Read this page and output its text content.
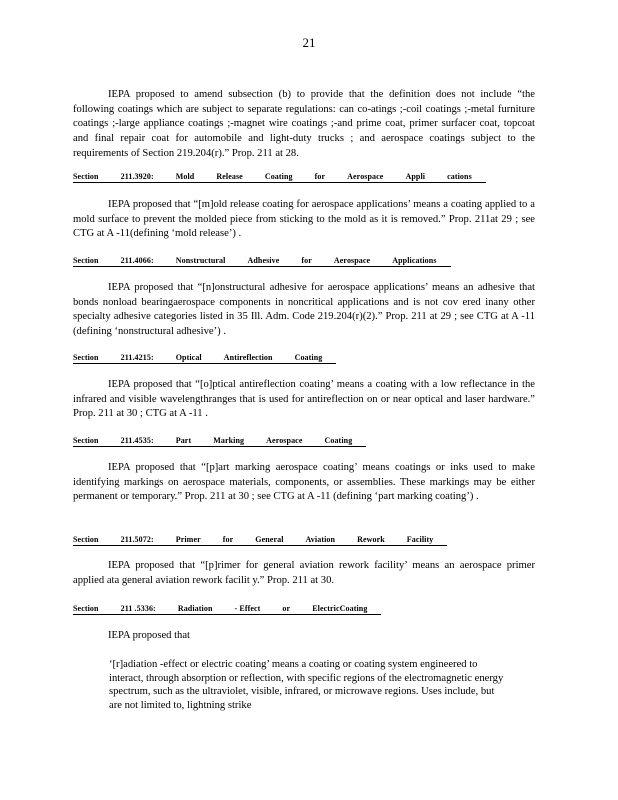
21
IEPA proposed to amend subsection (b) to provide that the definition does not include “the following coatings which are subject to separate regulations: can co-atings ;-coil coatings ;-metal furniture coatings ;-large appliance coatings ;-magnet wire coatings ;-and prime coat, primer surfacer coat, topcoat and final repair coat for automobile and light-duty trucks ; and aerospace coatings subject to the requirements of Section 219.204(r).” Prop. 211 at 28.
Section	211.3920:	Mold	Release	Coating	for	Aerospace	Appli	cations
IEPA proposed that “[m]old release coating for aerospace applications’ means a coating applied to a mold surface to prevent the molded piece from sticking to the mold as it is removed.” Prop. 211at 29 ; see CTG at A -11(defining ‘mold release’) .
Section	211.4066:	Nonstructural	Adhesive	for	Aerospace	Applications
IEPA proposed that “[n]onstructural adhesive for aerospace applications’ means an adhesive that bonds nonload bearingaerospace components in noncritical applications and is not cov ered inany other specialty adhesive categories listed in 35 Ill. Adm. Code 219.204(r)(2).” Prop. 211 at 29 ; see CTG at A -11 (defining ‘nonstructural adhesive’) .
Section	211.4215:	Optical	Antireflection	Coating
IEPA proposed that “[o]ptical antireflection coating’ means a coating with a low reflectance in the infrared and visible wavelengthranges that is used for antireflection on or near optical and laser hardware.” Prop. 211 at 30 ; CTG at A -11 .
Section	211.4535:	Part	Marking	Aerospace	Coating
IEPA proposed that “[p]art marking aerospace coating’ means coatings or inks used to make identifying markings on aerospace materials, components, or assemblies. These markings may be either permanent or temporary.” Prop. 211 at 30 ; see CTG at A -11 (defining ‘part marking coating’) .
Section	211.5072:	Primer	for	General	Aviation	Rework	Facility
IEPA proposed that “[p]rimer for general aviation rework facility’ means an aerospace primer applied ata general aviation rework facilit y.” Prop. 211 at 30.
Section	211 .5336:	Radiation	- Effect	or	ElectricCoating
IEPA proposed that
‘[r]adiation -effect or electric coating’ means a coating or coating system engineered to interact, through absorption or reflection, with specific regions of the electromagnetic energy spectrum, such as the ultraviolet, visible, infrared, or microwave regions. Uses include, but are not limited to, lightning strike
